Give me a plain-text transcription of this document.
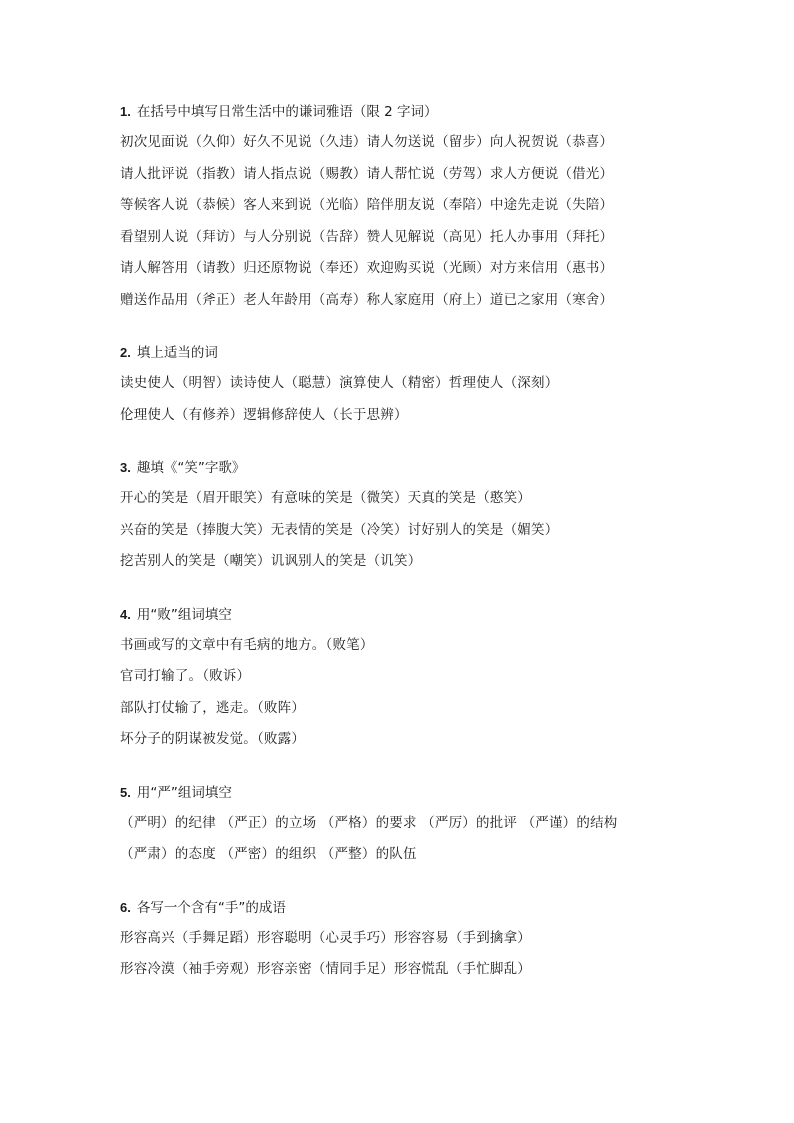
1. 在括号中填写日常生活中的谦词雅语（限 2 字词）
初次见面说（久仰）好久不见说（久违）请人勿送说（留步）向人祝贺说（恭喜）
请人批评说（指教）请人指点说（赐教）请人帮忙说（劳驾）求人方便说（借光）
等候客人说（恭候）客人来到说（光临）陪伴朋友说（奉陪）中途先走说（失陪）
看望别人说（拜访）与人分别说（告辞）赞人见解说（高见）托人办事用（拜托）
请人解答用（请教）归还原物说（奉还）欢迎购买说（光顾）对方来信用（惠书）
赠送作品用（斧正）老人年龄用（高寿）称人家庭用（府上）道已之家用（寒舍）
2. 填上适当的词
读史使人（明智）读诗使人（聪慧）演算使人（精密）哲理使人（深刻）
伦理使人（有修养）逻辑修辞使人（长于思辨）
3. 趣填《“笑”字歌》
开心的笑是（眉开眼笑）有意味的笑是（微笑）天真的笑是（憨笑）
兴奋的笑是（捧腹大笑）无表情的笑是（冷笑）讨好别人的笑是（媚笑）
挖苦别人的笑是（嘲笑）讥讽别人的笑是（讥笑）
4. 用“败”组词填空
书画或写的文章中有毛病的地方。（败笔）
官司打输了。（败诉）
部队打仗输了，逃走。（败阵）
坏分子的阴谋被发觉。（败露）
5. 用“严”组词填空
（严明）的纪律 （严正）的立场 （严格）的要求 （严厉）的批评 （严谨）的结构
（严肃）的态度 （严密）的组织 （严整）的队伍
6. 各写一个含有“手”的成语
形容高兴（手舞足蹈）形容聪明（心灵手巧）形容容易（手到擒拿）
形容冷漠（袖手旁观）形容亲密（情同手足）形容慌乱（手忙脚乱）
